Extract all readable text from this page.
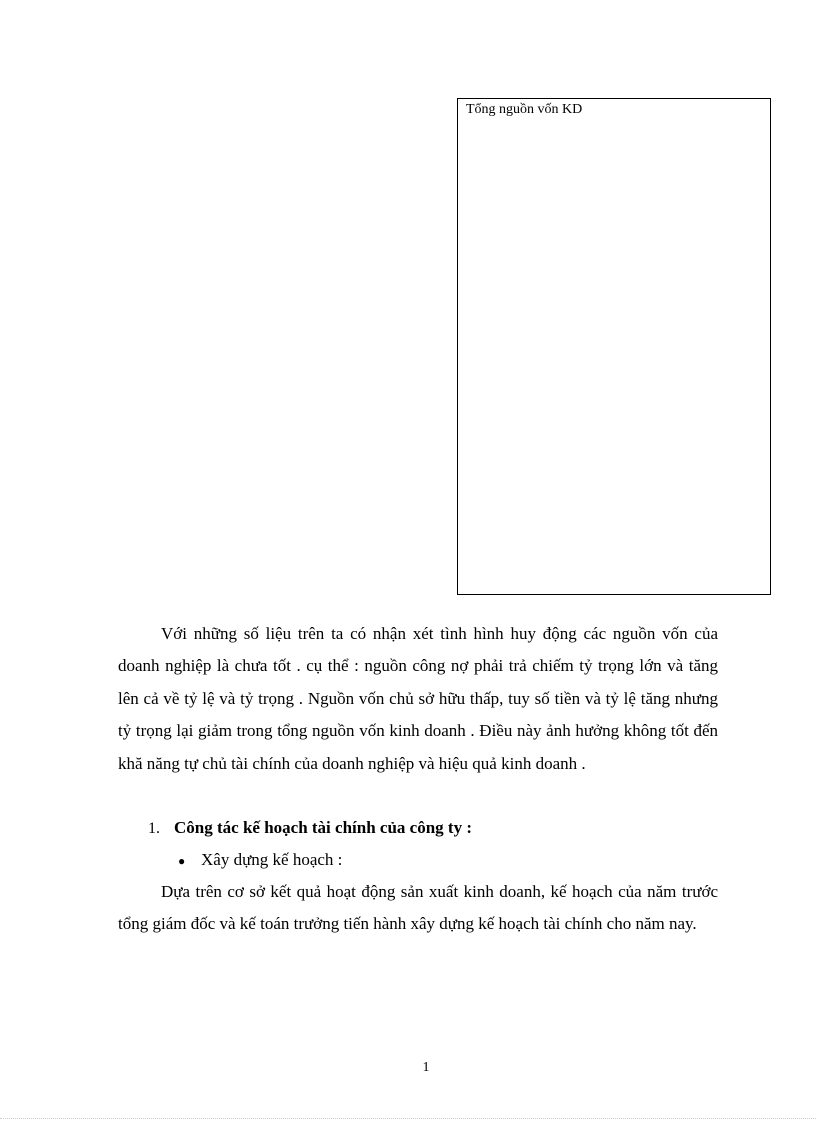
Tổng nguồn vốn KD

Với những số liệu trên ta có nhận xét tình hình huy động các nguồn vốn của doanh nghiệp là chưa tốt . cụ thể : nguồn công nợ phải trả chiếm tỷ trọng lớn và tăng lên cả về tỷ lệ và tỷ trọng . Nguồn vốn chủ sở hữu thấp, tuy số tiền và tỷ lệ tăng nhưng tỷ trọng lại giảm trong tổng nguồn vốn kinh doanh . Điều này ảnh hưởng không tốt đến khă năng tự chủ tài chính của doanh nghiệp và hiệu quả kinh doanh .

1. Công tác kế hoạch tài chính của công ty :
● Xây dựng kế hoạch :

Dựa trên cơ sở kết quả hoạt động sản xuất kinh doanh, kế hoạch của năm trước tổng giám đốc và kế toán trưởng tiến hành xây dựng kế hoạch tài chính cho năm nay.

1
